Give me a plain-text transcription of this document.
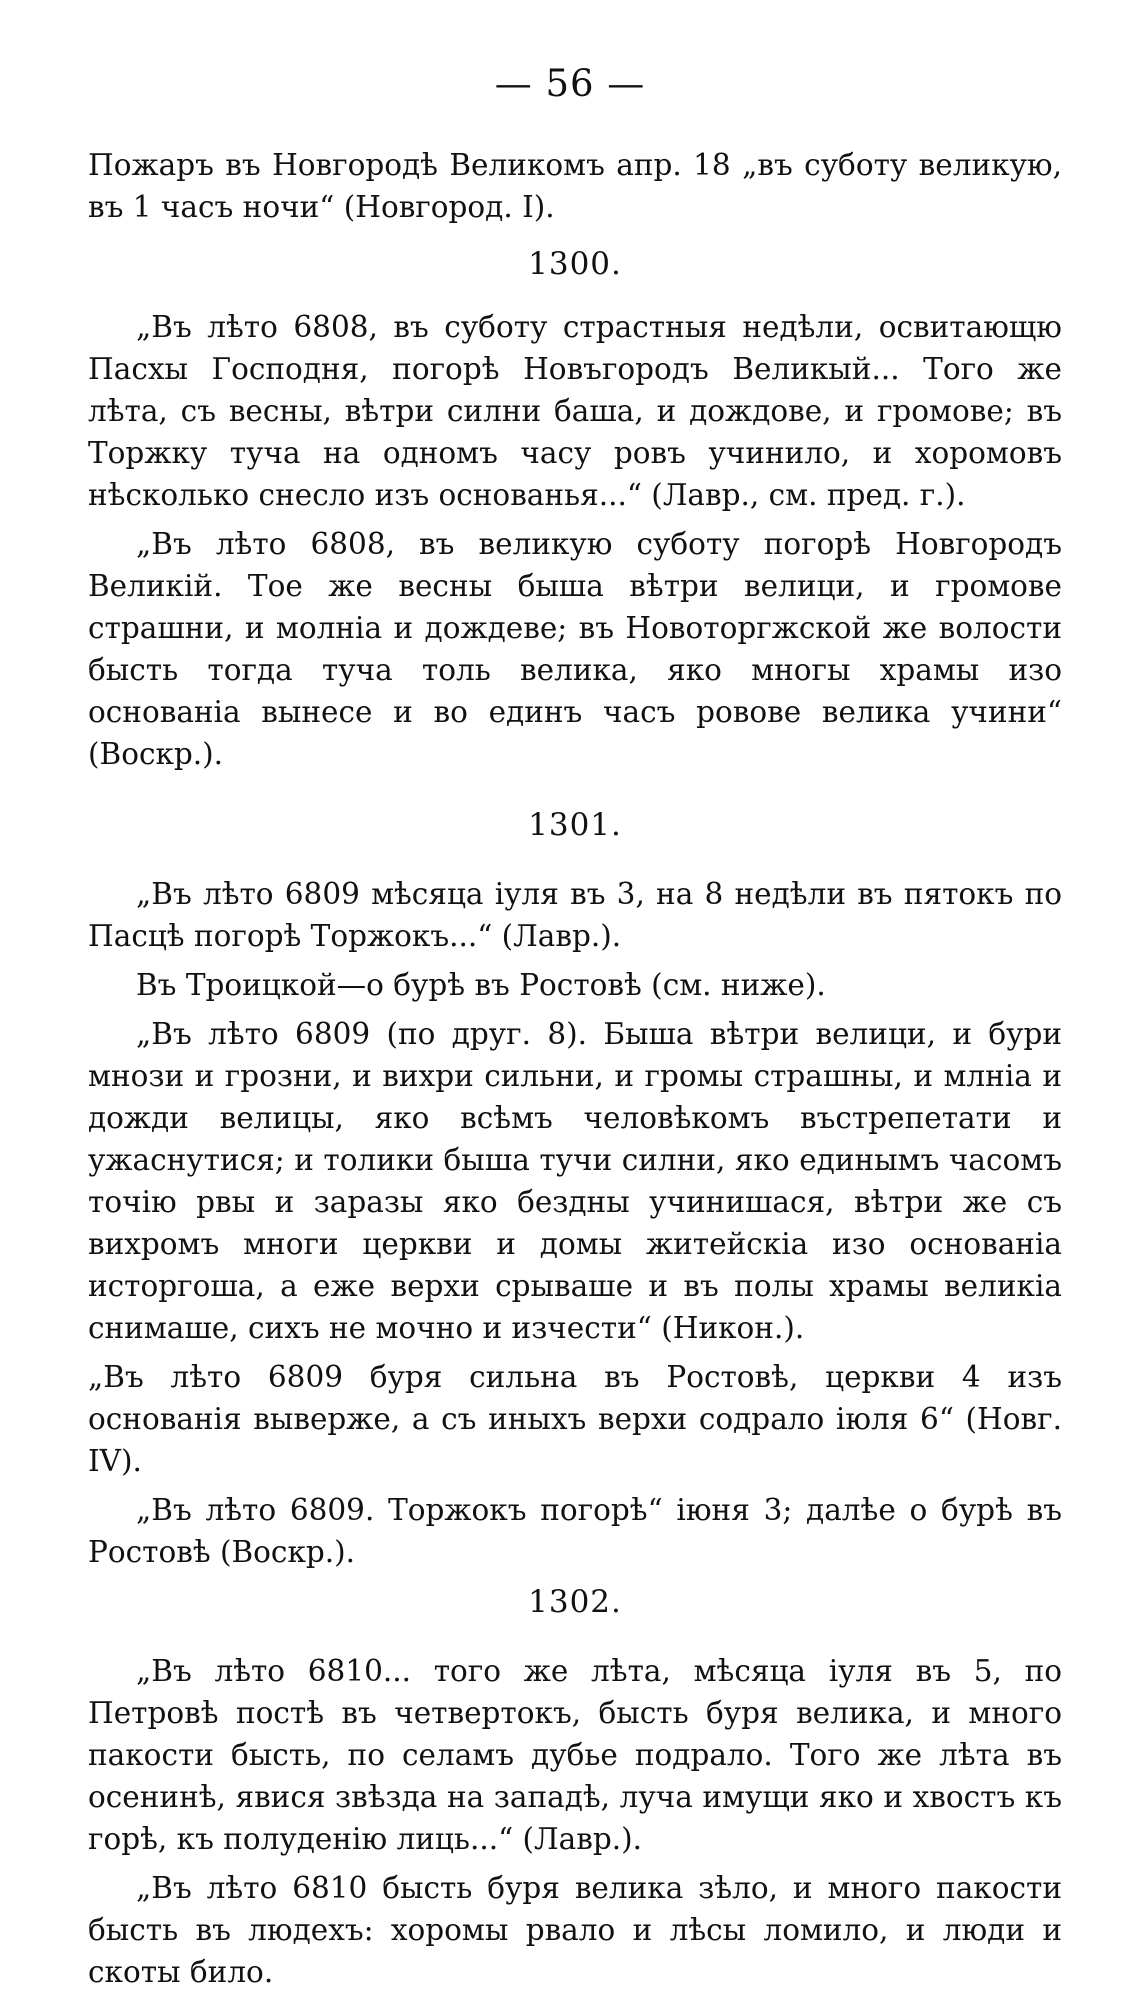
— 56 —

Пожаръ въ Новгородѣ Великомъ апр. 18 „въ суботу великую, въ 1 часъ ночи“ (Новгород. I).

1300.

„Въ лѣто 6808, въ суботу страстныя недѣли, освитающю Пасхы Господня, погорѣ Новъгородъ Великый... Того же лѣта, съ весны, вѣтри силни баша, и дождове, и громове; въ Торжку туча на одномъ часу ровъ учинило, и хоромовъ нѣсколько снесло изъ основанья...“ (Лавр., см. пред. г.).

„Въ лѣто 6808, въ великую суботу погорѣ Новгородъ Великій. Тое же весны быша вѣтри велици, и громове страшни, и молніа и дождеве; въ Новоторгжской же волости бысть тогда туча толь велика, яко многы храмы изо основаніа вынесе и во единъ часъ ровове велика учини“ (Воскр.).

1301.

„Въ лѣто 6809 мѣсяца іуля въ 3, на 8 недѣли въ пятокъ по Пасцѣ погорѣ Торжокъ...“ (Лавр.).

Въ Троицкой—о бурѣ въ Ростовѣ (см. ниже).

„Въ лѣто 6809 (по друг. 8). Быша вѣтри велици, и бури мнози и грозни, и вихри сильни, и громы страшны, и млніа и дожди велицы, яко всѣмъ человѣкомъ въстрепетати и ужаснутися; и толики быша тучи силни, яко единымъ часомъ точію рвы и заразы яко бездны учинишася, вѣтри же съ вихромъ многи церкви и домы житейскіа изо основаніа исторгоша, а еже верхи срываше и въ полы храмы великіа снимаше, сихъ не мочно и изчести“ (Никон.).

„Въ лѣто 6809 буря сильна въ Ростовѣ, церкви 4 изъ основанія выверже, а съ иныхъ верхи содрало іюля 6“ (Новг. IV).

„Въ лѣто 6809. Торжокъ погорѣ“ іюня 3; далѣе о бурѣ въ Ростовѣ (Воскр.).

1302.

„Въ лѣто 6810... того же лѣта, мѣсяца іуля въ 5, по Петровѣ постѣ въ четвертокъ, бысть буря велика, и много пакости бысть, по селамъ дубье подрало. Того же лѣта въ осенинѣ, явися звѣзда на западѣ, луча имущи яко и хвостъ къ горѣ, къ полуденію лиць...“ (Лавр.).

„Въ лѣто 6810 бысть буря велика зѣло, и много пакости бысть въ людехъ: хоромы рвало и лѣсы ломило, и люди и скоты било.
